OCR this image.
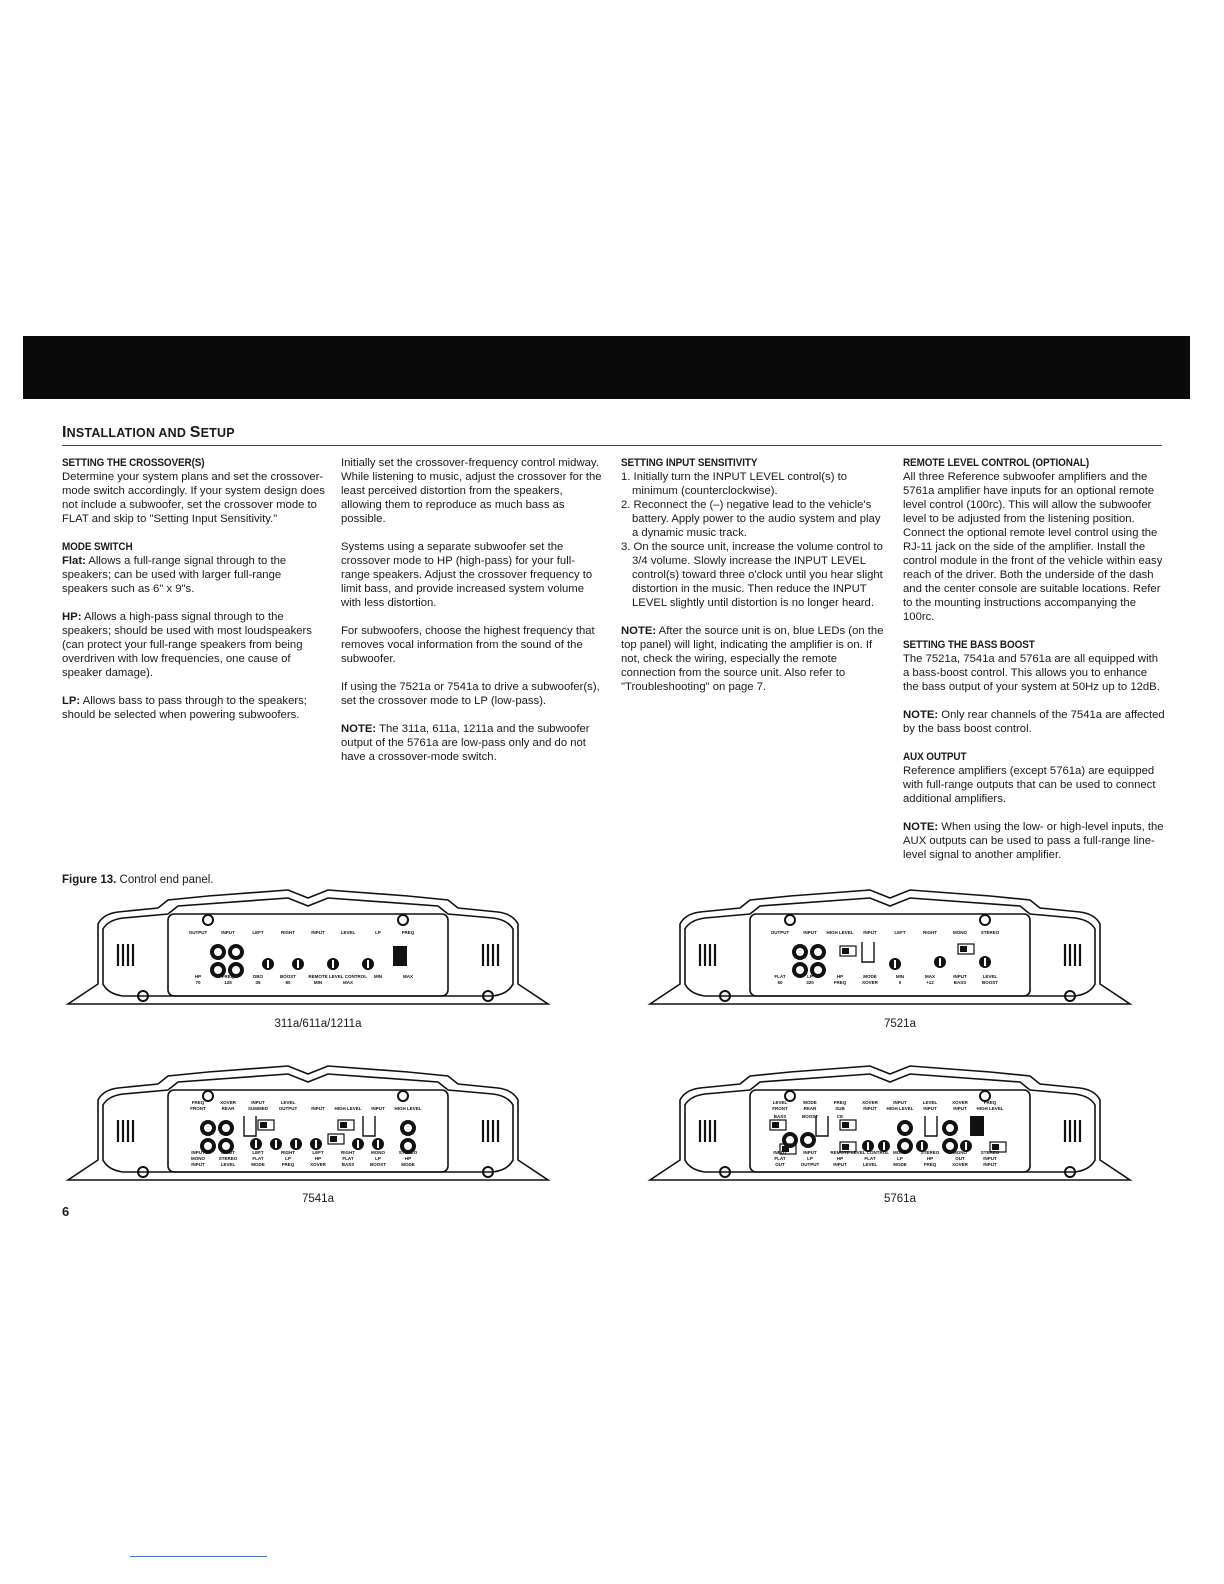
INSTALLATION AND SETUP
SETTING THE CROSSOVER(S)

Determine your system plans and set the crossover-mode switch accordingly. If your system design does not include a subwoofer, set the crossover mode to FLAT and skip to "Setting Input Sensitivity."

MODE SWITCH

Flat: Allows a full-range signal through to the speakers; can be used with larger full-range speakers such as 6" x 9"s.

HP: Allows a high-pass signal through to the speakers; should be used with most loudspeakers (can protect your full-range speakers from being overdriven with low frequencies, one cause of speaker damage).

LP: Allows bass to pass through to the speakers; should be selected when powering subwoofers.

Initially set the crossover-frequency control midway. While listening to music, adjust the crossover for the least perceived distortion from the speakers, allowing them to reproduce as much bass as possible.

Systems using a separate subwoofer set the crossover mode to HP (high-pass) for your full-range speakers. Adjust the crossover frequency to limit bass, and provide increased system volume with less distortion.

For subwoofers, choose the highest frequency that removes vocal information from the sound of the subwoofer.

If using the 7521a or 7541a to drive a subwoofer(s), set the crossover mode to LP (low-pass).

NOTE: The 311a, 611a, 1211a and the subwoofer output of the 5761a are low-pass only and do not have a crossover-mode switch.

SETTING INPUT SENSITIVITY
1. Initially turn the INPUT LEVEL control(s) to minimum (counterclockwise).
2. Reconnect the (–) negative lead to the vehicle's battery. Apply power to the audio system and play a dynamic music track.
3. On the source unit, increase the volume control to 3/4 volume. Slowly increase the INPUT LEVEL control(s) toward three o'clock until you hear slight distortion in the music. Then reduce the INPUT LEVEL slightly until distortion is no longer heard.

NOTE: After the source unit is on, blue LEDs (on the top panel) will light, indicating the amplifier is on. If not, check the wiring, especially the remote connection from the source unit. Also refer to "Troubleshooting" on page 7.

REMOTE LEVEL CONTROL (OPTIONAL)

All three Reference subwoofer amplifiers and the 5761a amplifier have inputs for an optional remote level control (100rc). This will allow the subwoofer level to be adjusted from the listening position. Connect the optional remote level control using the RJ-11 jack on the side of the amplifier. Install the control module in the front of the vehicle within easy reach of the driver. Both the underside of the dash and the center console are suitable locations. Refer to the mounting instructions accompanying the 100rc.

SETTING THE BASS BOOST

The 7521a, 7541a and 5761a are all equipped with a bass-boost control. This allows you to enhance the bass output of your system at 50Hz up to 12dB.

NOTE: Only rear channels of the 7541a are affected by the bass boost control.

AUX OUTPUT

Reference amplifiers (except 5761a) are equipped with full-range outputs that can be used to connect additional amplifiers.

NOTE: When using the low- or high-level inputs, the AUX outputs can be used to pass a full-range line-level signal to another amplifier.

Figure 13. Control end panel.
OUTPUT	INPUT	LEFT	RIGHT	INPUT	LEVEL	LP	FREQ
HP	FREQ	DBO	BOOST	REMOTE LEVEL CONTROL MIN	MAX
70	125	35	80	MIN	MAX
311a/611a/1211a
OUTPUT	INPUT HIGH LEVEL INPUT	LEFT	RIGHT	MONO	STEREO
FLAT	LP	HP	MODE	MIN	MAX	INPUT	LEVEL
50	320	FREQ	XOVER	0	+12	BASS	BOOST
7521a
FRONT	REAR	SUMMED OUTPUT	INPUT HIGH LEVEL INPUT HIGH LEVEL
INPUT	INPUT	LEFT	RIGHT	LEFT	RIGHT	MONO	STEREO
MONO	STEREO	FLAT	LP	HP	FLAT	LP	HP
INPUT	LEVEL	MODE	FREQ	XOVER	BASS	BOOST	MODE
FREQ	XOVER	INPUT	LEVEL
7541a
FRONT	REAR	SUB	INPUT HIGH LEVEL INPUT	INPUT HIGH LEVEL
INPUT	INPUT	REMOTE LEVEL CONTROL MONO	STEREO	MONO	STEREO
FLAT	LP	HP	FLAT	LP	HP	OUT	INPUT
OUT	OUTPUT	INPUT	LEVEL	MODE	FREQ	XOVER	INPUT
LEVEL	MODE	FREQ	XOVER	INPUT	LEVEL	XOVER	FREQ
BASS	BOOST	CE
5761a
6
